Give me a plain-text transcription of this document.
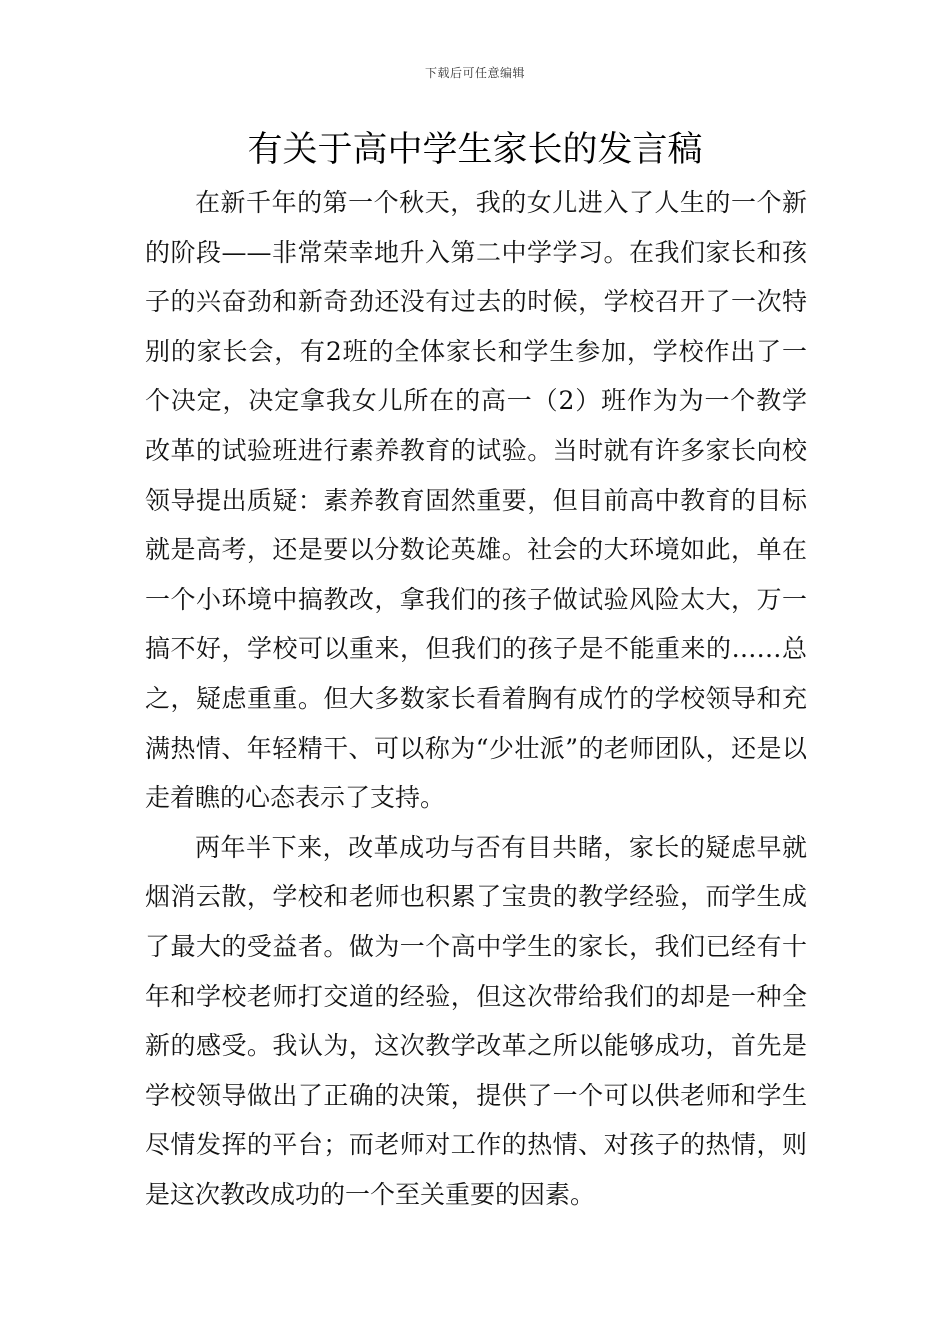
下载后可任意编辑
有关于高中学生家长的发言稿

在新千年的第一个秋天，我的女儿进入了人生的一个新的阶段——非常荣幸地升入第二中学学习。在我们家长和孩子的兴奋劲和新奇劲还没有过去的时候，学校召开了一次特别的家长会，有2班的全体家长和学生参加，学校作出了一个决定，决定拿我女儿所在的高一（2）班作为为一个教学改革的试验班进行素养教育的试验。当时就有许多家长向校领导提出质疑：素养教育固然重要，但目前高中教育的目标就是高考，还是要以分数论英雄。社会的大环境如此，单在一个小环境中搞教改，拿我们的孩子做试验风险太大，万一搞不好，学校可以重来，但我们的孩子是不能重来的……总之，疑虑重重。但大多数家长看着胸有成竹的学校领导和充满热情、年轻精干、可以称为“少壮派”的老师团队，还是以走着瞧的心态表示了支持。

两年半下来，改革成功与否有目共睹，家长的疑虑早就烟消云散，学校和老师也积累了宝贵的教学经验，而学生成了最大的受益者。做为一个高中学生的家长，我们已经有十年和学校老师打交道的经验，但这次带给我们的却是一种全新的感受。我认为，这次教学改革之所以能够成功，首先是学校领导做出了正确的决策，提供了一个可以供老师和学生尽情发挥的平台；而老师对工作的热情、对孩子的热情，则是这次教改成功的一个至关重要的因素。
